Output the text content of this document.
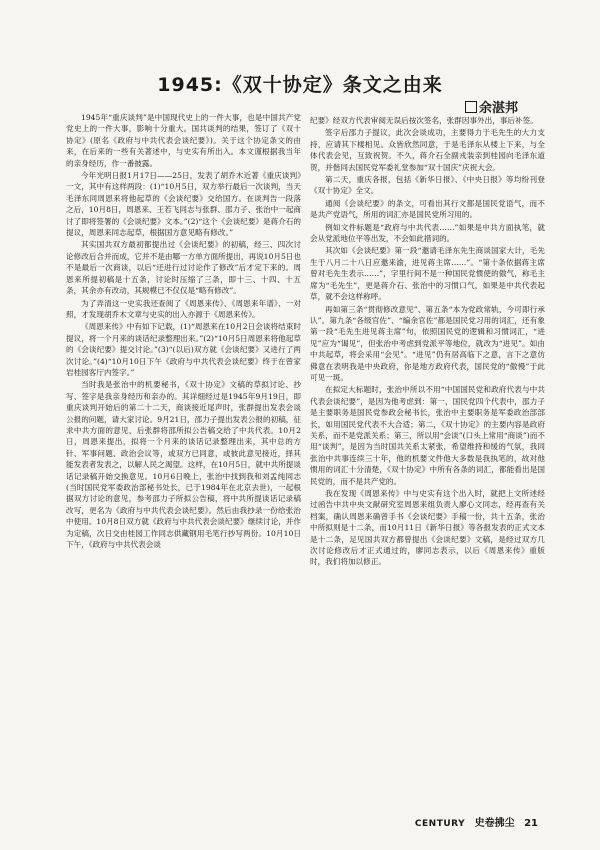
1945:《双十协定》条文之由来
余湛邦

1945年“重庆谈判”是中国现代史上的一件大事，也是中国共产党党史上的一件大事，影响十分重大。国共谈判的结果，签订了《双十协定》(原名《政府与中共代表会谈纪要》)。关于这个协定条文的由来，在后来的一些有关著述中，与史实有所出入。本文谨根据我当年的亲身经历，作一番披露。

今年光明日报1月17日——25日，发表了胡乔木近著《重庆谈判》一文，其中有这样两段：(1)“10月5日，双方举行最后一次谈判，当天毛泽东同周恩来将他起草的《会谈纪要》交给国方。在谈判告一段落之后，10月8日，周恩来、王若飞同志与张群、邵力子、张治中一起商讨了即将签署的《会谈纪要》文本。”(2)“这个《会谈纪要》是蒋介石的提议，周恩来同志起草，根据国方意见略有修改。”

其实国共双方最初都提出过《会谈纪要》的初稿，经三、四次讨论修改后合并而成，它并不是由哪一方单方面所提出，再说10月5日也不是最后一次商谈，以后“还进行过讨论作了修改”后才定下来的。周恩来所提初稿是十五条，讨论时压缩了三条，即十三、十四、十五条，其余亦有改动，其规模已不仅仅是“略有修改”。

为了弄清这一史实我还查阅了《周恩来传》、《周恩来年谱》、一对照，才发现胡乔木文章与史实的出入亦源于《周恩来传》。

《周恩来传》中有如下记载，(1)“周恩来在10月2日会谈将结束时提议，将一个月来的谈话纪录整理出来。”(2)“10月5日周恩来将他起草的《会谈纪要》提交讨论。”(3)“(以后)双方就《会谈纪要》又进行了两次讨论。”(4)“10月10日下午《政府与中共代表会谈纪要》终于在曾家岩桂园客厅内签字。”

当时我是张治中的机要秘书，《双十协定》文稿的草拟讨论、抄写、签字是我亲身经历和亲办的。其详细经过是1945年9月19日，即重庆谈判开始后的第二十二天，商谈接近尾声时，张群提出发表会谈公报的问题，请大家讨论。9月21日，邵力子提出发表公报的初稿，征求中共方面的意见，后张群将邵所拟公告稿交给了中共代表。10月2日，周恩来提出，拟将一个月来的谈话记录整理出来，其中总的方针、军事问题、政治会议等，或双方已同意，或彼此意见接近，择其能发表者发表之，以解人民之渴望。这样，在10月5日，就中共所提谈话记录稿开始交换意见。10月6日晚上，张治中找到我和刘孟纯同志(当时国民党军委政治部秘书处长，已于1984年在北京去世)，一起根据双方讨论的意见，参考邵力子所拟公告稿，将中共所提谈话记录稿改写，更名为《政府与中共代表会谈纪要》。然后由我抄录一份给张治中使用。10月8日双方就《政府与中共代表会谈纪要》继续讨论，并作为定稿，次日交由桂园工作同志供藏钢用毛笔行抄写两份。10月10日下午，《政府与中共代表会谈

纪要》经双方代表审阅无误后按次签名，张群因事外出，事后补签。

签字后邵力子提议，此次会谈成功，主要得力于毛先生的大力支持，应请其下楼相见。众皆欣然同意，于是毛泽东从楼上下来，与全体代表会见，互致祝贺。不久，蒋介石全副戎装亲到桂园向毛泽东道贺，并偕同去国民党军委礼堂参加“双十国庆”庆祝大会。

第二天，重庆各报，包括《新华日报》、《中央日报》等均纷刊登《双十协定》全文。

通阅《会谈纪要》的条文，可看出其行文都是国民党语气，而不是共产党语气，所用的词汇亦是国民党所习用的。

例如文件标题是“政府与中共代表……”如果是中共方面执笔，就会从党派地位平等出发，不会如此措词的。

其次如《会谈纪要》第一段“邀请毛泽东先生商谈国家大计，毛先生于八月二十八日应邀来渝，进见蒋主席……”。“第十条依据蒋主席曾对毛先生表示……”，字里行间不是一种国民党惯使的傲气，称毛主席为“毛先生”，更是蒋介石、张治中的习惯口气，如果是中共代表起草，就不会这样称呼。

再如第三条“贯彻修改意见”、第五条“本为党政常轨，今可即行承认”。第九条“各级官佐”、“编余官佐”都是国民党习用的词汇，还有象第一段“毛先生进见蒋主席”句，依照国民党的逻辑和习惯词汇，“进见”应为“谒见”，但张治中考虑到党派平等地位，就改为“进见”。如由中共起草，将会采用“会见”。“进见”仍有居高临下之意，言下之意仿佛意在表明我是中央政府，你是地方政府代表，国民党的“傲慢”于此可见一斑。

在拟定大标题时，张治中所以不用“中国国民党和政府代表与中共代表会谈纪要”，是因为他考虑到：第一，国民党四个代表中，邵力子是主要职务是国民党参政会秘书长，张治中主要职务是军委政治部部长，如用国民党代表不大合适；第二，《双十协定》的主要内容是政府关系，而不是党派关系；第三，所以用“会谈”(口头上常用“商谈”)而不用“谈判”，是因为当时国共关系太紧张，希望维持和缓的气氛，我同张治中共事连续三十年，他的机要文件他大多数是我执笔的，故对他惯用的词汇十分清楚，《双十协定》中所有各条的词汇，都能看出是国民党的，而不是共产党的。

我在发现《周恩来传》中与史实有这个出入时，就把上文所述经过函告中共中央文献研究室周恩来组负责人廖心文同志，经再查有关档案，确认周恩来确曾手书《会谈纪要》手稿一份，共十五条，张治中所拟则是十二条，而10月11日《新华日报》等各报发表的正式文本是十二条，足见国共双方都曾提出《会谈纪要》文稿，是经过双方几次讨论修改后才正式通过的，廖同志表示，以后《周恩来传》重版时，我们将加以修正。

CENTURY 史卷拂尘 21
